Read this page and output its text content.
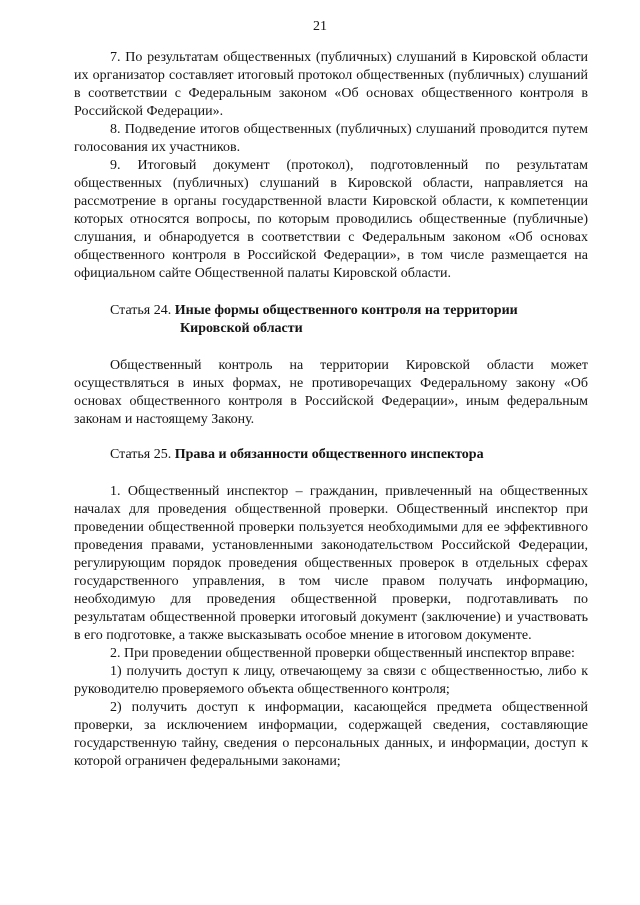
21

7. По результатам общественных (публичных) слушаний в Кировской области их организатор составляет итоговый протокол общественных (публичных) слушаний в соответствии с Федеральным законом «Об основах общественного контроля в Российской Федерации».

8. Подведение итогов общественных (публичных) слушаний проводится путем голосования их участников.

9. Итоговый документ (протокол), подготовленный по результатам общественных (публичных) слушаний в Кировской области, направляется на рассмотрение в органы государственной власти Кировской области, к компетенции которых относятся вопросы, по которым проводились общественные (публичные) слушания, и обнародуется в соответствии с Федеральным законом «Об основах общественного контроля в Российской Федерации», в том числе размещается на официальном сайте Общественной палаты Кировской области.

Статья 24. Иные формы общественного контроля на территории
Кировской области

Общественный контроль на территории Кировской области может осуществляться в иных формах, не противоречащих Федеральному закону «Об основах общественного контроля в Российской Федерации», иным федеральным законам и настоящему Закону.

Статья 25. Права и обязанности общественного инспектора

1. Общественный инспектор – гражданин, привлеченный на общественных началах для проведения общественной проверки. Общественный инспектор при проведении общественной проверки пользуется необходимыми для ее эффективного проведения правами, установленными законодательством Российской Федерации, регулирующим порядок проведения общественных проверок в отдельных сферах государственного управления, в том числе правом получать информацию, необходимую для проведения общественной проверки, подготавливать по результатам общественной проверки итоговый документ (заключение) и участвовать в его подготовке, а также высказывать особое мнение в итоговом документе.

2. При проведении общественной проверки общественный инспектор вправе:

1) получить доступ к лицу, отвечающему за связи с общественностью, либо к руководителю проверяемого объекта общественного контроля;

2) получить доступ к информации, касающейся предмета общественной проверки, за исключением информации, содержащей сведения, составляющие государственную тайну, сведения о персональных данных, и информации, доступ к которой ограничен федеральными законами;
